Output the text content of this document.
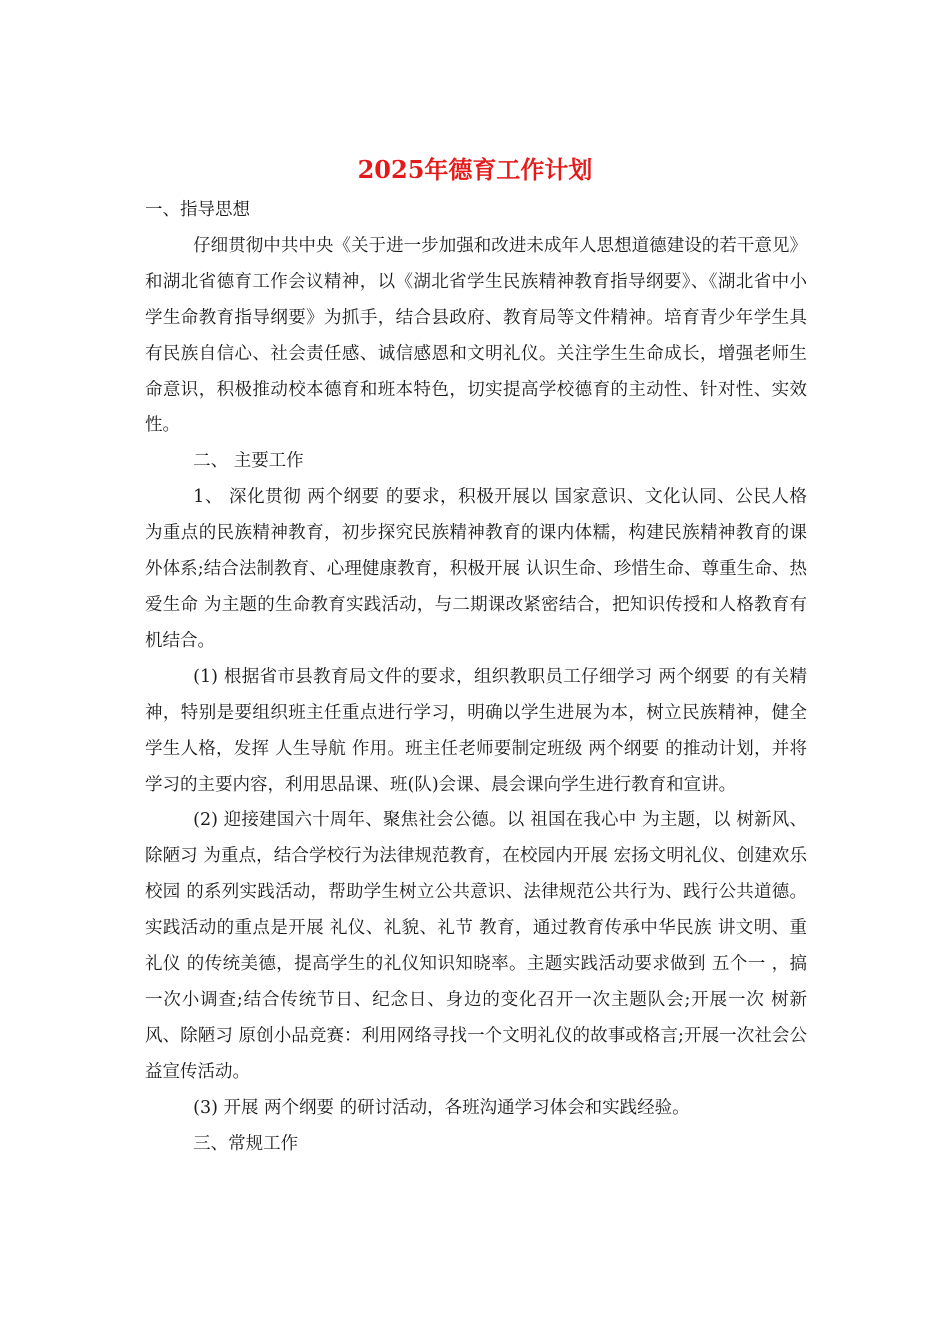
2025年德育工作计划

一、指导思想

仔细贯彻中共中央《关于进一步加强和改进未成年人思想道德建设的若干意见》和湖北省德育工作会议精神，以《湖北省学生民族精神教育指导纲要》、《湖北省中小学生命教育指导纲要》为抓手，结合县政府、教育局等文件精神。培育青少年学生具有民族自信心、社会责任感、诚信感恩和文明礼仪。关注学生生命成长，增强老师生命意识，积极推动校本德育和班本特色，切实提高学校德育的主动性、针对性、实效性。

二、 主要工作

1、 深化贯彻 两个纲要 的要求，积极开展以 国家意识、文化认同、公民人格 为重点的民族精神教育，初步探究民族精神教育的课内体糯，构建民族精神教育的课外体系;结合法制教育、心理健康教育，积极开展 认识生命、珍惜生命、尊重生命、热爱生命 为主题的生命教育实践活动，与二期课改紧密结合，把知识传授和人格教育有机结合。

(1) 根据省市县教育局文件的要求，组织教职员工仔细学习 两个纲要 的有关精神，特别是要组织班主任重点进行学习，明确以学生进展为本，树立民族精神，健全学生人格，发挥 人生导航 作用。班主任老师要制定班级 两个纲要 的推动计划，并将学习的主要内容，利用思品课、班(队)会课、晨会课向学生进行教育和宣讲。

(2) 迎接建国六十周年、聚焦社会公德。以 祖国在我心中 为主题，以 树新风、除陋习 为重点，结合学校行为法律规范教育，在校园内开展 宏扬文明礼仪、创建欢乐校园 的系列实践活动，帮助学生树立公共意识、法律规范公共行为、践行公共道德。实践活动的重点是开展 礼仪、礼貌、礼节 教育，通过教育传承中华民族 讲文明、重礼仪 的传统美德，提高学生的礼仪知识知晓率。主题实践活动要求做到 五个一 ，搞一次小调查;结合传统节日、纪念日、身边的变化召开一次主题队会;开展一次 树新风、除陋习 原创小品竞赛：利用网络寻找一个文明礼仪的故事或格言;开展一次社会公益宣传活动。

(3) 开展 两个纲要 的研讨活动，各班沟通学习体会和实践经验。

三、常规工作
